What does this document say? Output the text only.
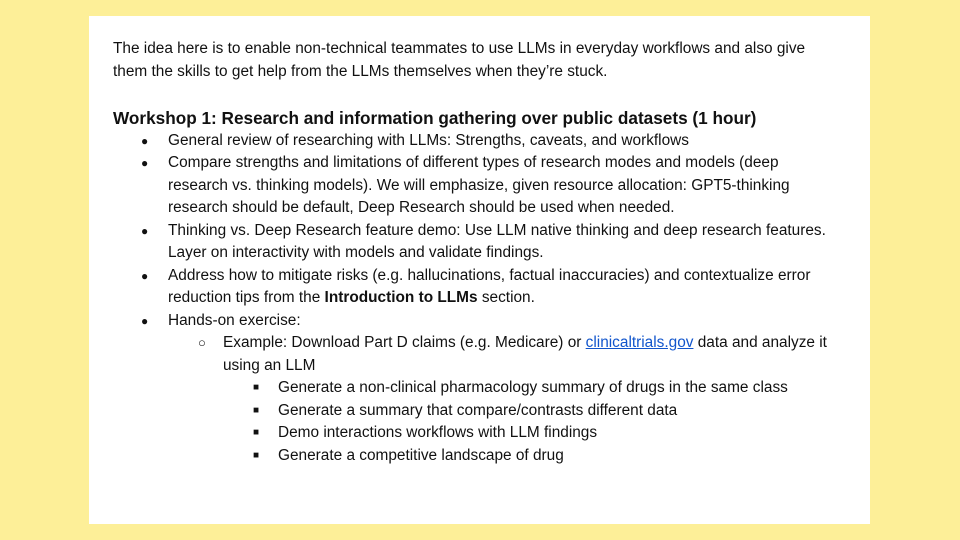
The idea here is to enable non-technical teammates to use LLMs in everyday workflows and also give them the skills to get help from the LLMs themselves when they’re stuck.

Workshop 1: Research and information gathering over public datasets (1 hour)
● General review of researching with LLMs: Strengths, caveats, and workflows
● Compare strengths and limitations of different types of research modes and models (deep research vs. thinking models). We will emphasize, given resource allocation: GPT5-thinking research should be default, Deep Research should be used when needed.
● Thinking vs. Deep Research feature demo: Use LLM native thinking and deep research features. Layer on interactivity with models and validate findings.
● Address how to mitigate risks (e.g. hallucinations, factual inaccuracies) and contextualize error reduction tips from the Introduction to LLMs section.
● Hands-on exercise:
○ Example: Download Part D claims (e.g. Medicare) or clinicaltrials.gov data and analyze it using an LLM
■ Generate a non-clinical pharmacology summary of drugs in the same class
■ Generate a summary that compare/contrasts different data
■ Demo interactions workflows with LLM findings
■ Generate a competitive landscape of drug
